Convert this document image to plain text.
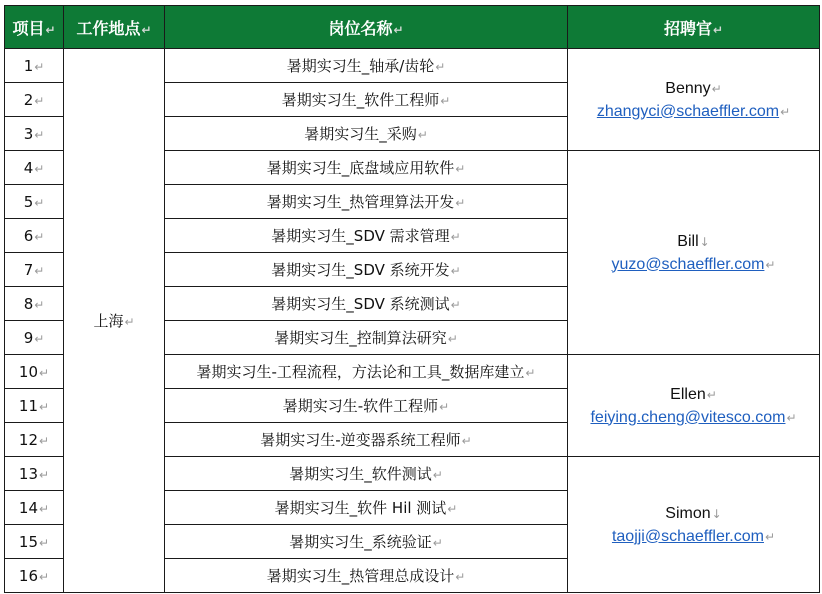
项目↵	工作地点↵	岗位名称↵	招聘官↵
1↵	上海↵	暑期实习生_轴承/齿轮↵	Benny↵
zhangyci@schaeffler.com↵

2↵		暑期实习生_软件工程师↵	
3↵		暑期实习生_采购↵	
4↵		暑期实习生_底盘域应用软件↵	Bill↓
yuzo@schaeffler.com↵

5↵		暑期实习生_热管理算法开发↵	
6↵		暑期实习生_SDV 需求管理↵	
7↵		暑期实习生_SDV 系统开发↵	
8↵		暑期实习生_SDV 系统测试↵	
9↵		暑期实习生_控制算法研究↵	
10↵		暑期实习生-工程流程，方法论和工具_数据库建立↵	Ellen↵
feiying.cheng@vitesco.com↵

11↵		暑期实习生-软件工程师↵	
12↵		暑期实习生-逆变器系统工程师↵	
13↵		暑期实习生_软件测试↵	Simon↓
taojji@schaeffler.com↵

14↵		暑期实习生_软件 Hil 测试↵	
15↵		暑期实习生_系统验证↵	
16↵		暑期实习生_热管理总成设计↵	
